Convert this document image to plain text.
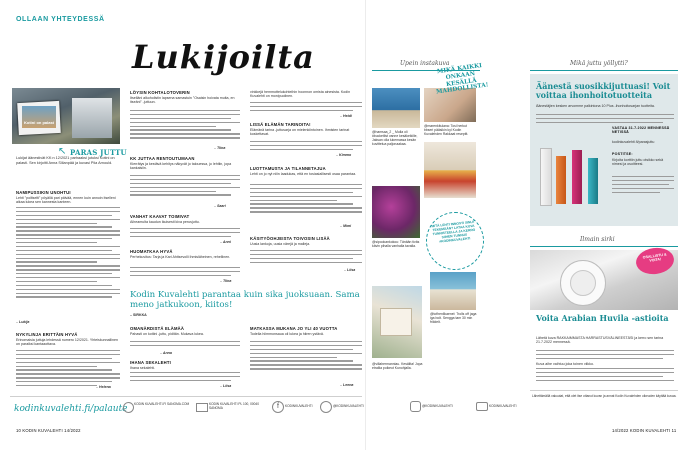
OLLAAN YHTEYDESSÄ
Lukijoilta
Kotini on palast
↖ PARAS JUTTU
Lukijat äänestivät KK:n 12/2021 parhaaksi jutuksi Kotini on palasti. Sen kirjoitti Anna Siilanpää ja kuvasi Piia Arnould.
NAMIPUSSIKIN UNOHTUI
Lehti "poiltselti" pöyällä pari päivää, ennen kuin annoin itselleni aikaa lukea sen kannesta kanteen.
– Lukija
NYKYLINJA ERITTÄIN HYVÄ
Erinomaisia juttuja lehdessä numero 12/2021. Yhteiskunnallinen on paraiksi kantaaottava.
– Helena
LÖYSIN KOHTALOTOVERIN
Itselläni alkoholistin lapsena samastuin "Osaisin hoivata muita, en itseäni" -juttuun.
– Tiina
KK JUTTAA RENTOUTUMAAN
Kierrätys ja kestävä kehitys näkyvät jo talouessa, jo lehtiin, jopa kankaisiin.
– Saari
VANHAT KAAVAT TOIMIVAT
Aiheamulta kaudun ikuisesti kiva perusjuttu.
– Anni
HUOMATKAA HYVÄ
Perhekuvitus: Tarja ja Kari Ahtisevolli ihmisläheinen, rehellinen.
– Tiina
vinkkejä hemmottelukohteihin hoonnon omista ainesista. Kodin Kuvalehti on monipuolinen.
– Heidi
LISSÄ ELÄMÄN TARINOITA!
Elämänä tarina -juttusarja on mielenkiintoinen. Ihmisten tarinat koskettavat.
– Kimmo
LUOTTAMUSTA JA TILANNETAJUA
Lehti on jo nyt niiin laadukas, että en tosiasiallisesti osaa parantaa.
– Mimi
KÄSITYÖOHJEISTA TOIVOSIN LISÄÄ
Uusia lankoja, uusia värejä ja malleja.
– Liisa
Kodin Kuvalehti parantaa kuin sika juoksuaan. Sama meno jatkukoon, kiitos!
– SIRKKA
OMANÄRDISTÄ ELÄMÄÄ
Pahasti on kotiini -juttu, piditän. Mukava lukea.
– Anna
IHANA SEKALEHTI
Ihana sekalehti.
– Liisa
MATKASSA MUKANA JO YLI 40 VUOTTA
Todella hiimmonsaua oli lukea ja hiiren ystävä.
– Leena
kodinkuvalehti.fi/palaute KODIN KUVALEHTI.FI SANOMA.COM	KODIN KUVALEHTI PL 100, 00040 SANOMA	f	KODINKUVALEHTI	@KODINKUVALEHTI
10 KODIN KUVALEHTI 14/2022
Upein instakuva
@hamsaa_2 _ Mulla oli #bucketlist vanne kesäkeikille, Jaksan olla lukemassa kesän kuvittelua paljonaakaa.
@marenkitulana: Tosi herkut bbseri pääsikin kyl Kodin Kuvalehden Rakkaat reseptit.
MIKÄ KAIKKI ONKAAN KESÄLLÄ MAHDOLLISTA!
@sipookankokou: Tänään tiväs kävin pihalla vanhalla tavalla.
MITÄ LEHTI INNOSTI SINUT TEKEMÄÄN? LATAA KUVA TUNNISTEELLA JA KERRO SIIHEN TUNNUS #KODINKUVALEHTI
@tofhenlikaenel: Trolls off jaga iga bolt. Sengga tam 30 min friiidelt.
@villahermanniau. Kesäilta! Jopa etrallia poikeut Kunohjalla.
@KODINKUVALEHTI	KODINKUVALEHTI
Mikä juttu yöllytti?
Äänestä suosikkijuttuasi! Voit voittaa ihonhoitotuotteita
Äänestäjien kesken arvomme palkintona 10 Plus -ihonhoitosarjan tuotteita.
VASTAA 31.7.2022 MENNESSÄ NETISSÄ
kodinkuvalehti.fi/parasjuttu
POSTITSE:
Kirjoita korttiin juttu otsikko sekä nimesi ja osoitteesi.
Ilmain sirki
OSALLISTU & VOITA!
Voita Arabian Huvila -astioita
Lähetä kuva RAKKAIMMASTA HARRASTUSVÄLINEESTÄSI ja kerro sen tarina 21.7.2022 mennessä.
Kuva aihe vaihtuu joka toinen viikko.
Lähettämällä vakuutat, että olet itse ottanut kuvan ja annat Kodin Kuvalehden oikeuden käyttää kuvaa.
14/2022 KODIN KUVALEHTI 11
